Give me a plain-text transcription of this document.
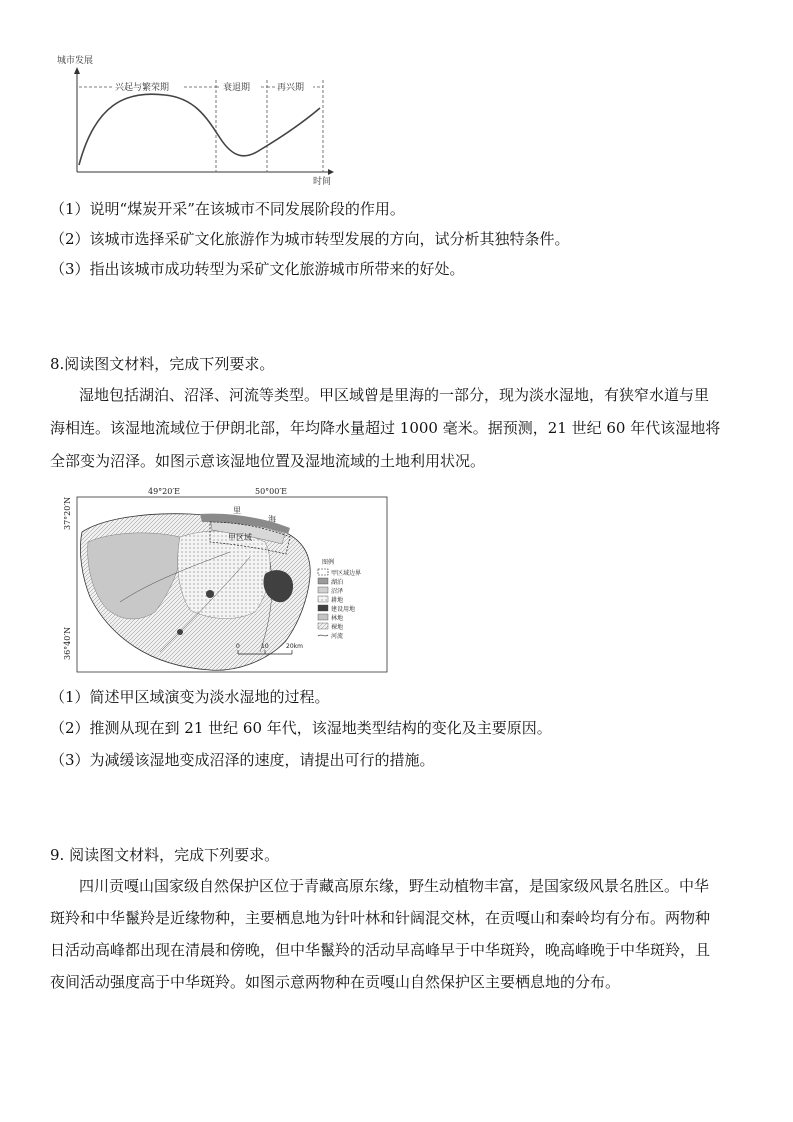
城市发展
时间
兴起与繁荣期	衰退期	再兴期
（1）说明“煤炭开采”在该城市不同发展阶段的作用。
（2）该城市选择采矿文化旅游作为城市转型发展的方向，试分析其独特条件。
（3）指出该城市成功转型为采矿文化旅游城市所带来的好处。
8.阅读图文材料，完成下列要求。
湿地包括湖泊、沼泽、河流等类型。甲区域曾是里海的一部分，现为淡水湿地，有狭窄水道与里
海相连。该湿地流域位于伊朗北部，年均降水量超过 1000 毫米。据预测，21 世纪 60 年代该湿地将
全部变为沼泽。如图示意该湿地位置及湿地流域的土地利用状况。
49°20′E	50°00′E
37°20′N
36°40′N
里
海
甲区域
图例
甲区域边界
湖泊
沼泽
耕地
建设用地
林地
裸地
河流
0	10	20km
（1）简述甲区域演变为淡水湿地的过程。
（2）推测从现在到 21 世纪 60 年代，该湿地类型结构的变化及主要原因。
（3）为减缓该湿地变成沼泽的速度，请提出可行的措施。
9. 阅读图文材料，完成下列要求。
四川贡嘎山国家级自然保护区位于青藏高原东缘，野生动植物丰富，是国家级风景名胜区。中华
斑羚和中华鬣羚是近缘物种，主要栖息地为针叶林和针阔混交林，在贡嘎山和秦岭均有分布。两物种
日活动高峰都出现在清晨和傍晚，但中华鬣羚的活动早高峰早于中华斑羚，晚高峰晚于中华斑羚，且
夜间活动强度高于中华斑羚。如图示意两物种在贡嘎山自然保护区主要栖息地的分布。
